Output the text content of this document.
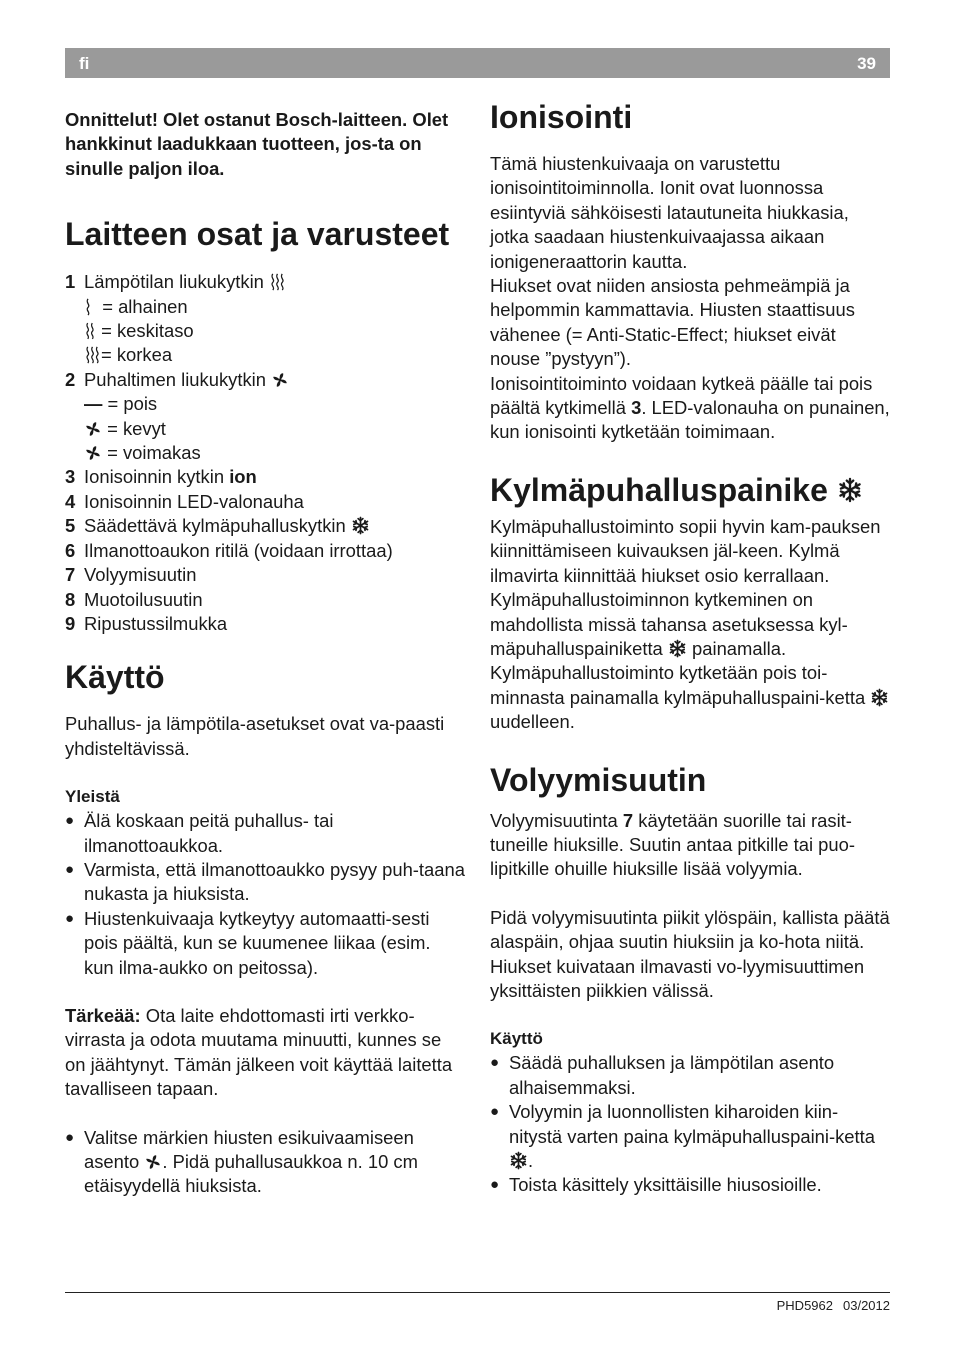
fi	39

Onnittelut! Olet ostanut Bosch-laitteen. Olet hankkinut laadukkaan tuotteen, jos-ta on sinulle paljon iloa.

Laitteen osat ja varusteet
1 Lämpötilan liukukytkin
= alhainen
= keskitaso
= korkea
2 Puhaltimen liukukytkin
— = pois
= kevyt
= voimakas
3 Ionisoinnin kytkin ion
4 Ionisoinnin LED-valonauha
5 Säädettävä kylmäpuhalluskytkin
6 Ilmanottoaukon ritilä (voidaan irrottaa)
7 Volyymisuutin
8 Muotoilusuutin
9 Ripustussilmukka
Käyttö

Puhallus- ja lämpötila-asetukset ovat va-paasti yhdisteltävissä.

Yleistä
● Älä koskaan peitä puhallus- tai ilmanottoaukkoa.
● Varmista, että ilmanottoaukko pysyy puh-taana nukasta ja hiuksista.
● Hiustenkuivaaja kytkeytyy automaatti-sesti pois päältä, kun se kuumenee liikaa (esim. kun ilma-aukko on peitossa).

Tärkeää: Ota laite ehdottomasti irti verkko-virrasta ja odota muutama minuutti, kunnes se on jäähtynyt. Tämän jälkeen voit käyttää laitetta tavalliseen tapaan.

● Valitse märkien hiusten esikuivaamiseen asento . Pidä puhallusaukkoa n. 10 cm etäisyydellä hiuksista.
Ionisointi

Tämä hiustenkuivaaja on varustettu ionisointitoiminnolla. Ionit ovat luonnossa esiintyviä sähköisesti latautuneita hiukkasia, jotka saadaan hiustenkuivaajassa aikaan ionigeneraattorin kautta.

Hiukset ovat niiden ansiosta pehmeämpiä ja helpommin kammattavia. Hiusten staattisuus vähenee (= Anti-Static-Effect; hiukset eivät nouse ”pystyyn”).

Ionisointitoiminto voidaan kytkeä päälle tai pois päältä kytkimellä 3. LED-valonauha on punainen, kun ionisointi kytketään toimimaan.

Kylmäpuhalluspainike

Kylmäpuhallustoiminto sopii hyvin kam-pauksen kiinnittämiseen kuivauksen jäl-keen. Kylmä ilmavirta kiinnittää hiukset osio kerrallaan.

Kylmäpuhallustoiminnon kytkeminen on mahdollista missä tahansa asetuksessa kyl-mäpuhalluspainiketta painamalla.

Kylmäpuhallustoiminto kytketään pois toi-minnasta painamalla kylmäpuhalluspaini-ketta
uudelleen.

Volyymisuutin

Volyymisuutinta 7 käytetään suorille tai rasit-tuneille hiuksille. Suutin antaa pitkille tai puo-lipitkille ohuille hiuksille lisää volyymia.

Pidä volyymisuutinta piikit ylöspäin, kallista päätä alaspäin, ohjaa suutin hiuksiin ja ko-hota niitä. Hiukset kuivataan ilmavasti vo-lyymisuuttimen yksittäisten piikkien välissä.

Käyttö
● Säädä puhalluksen ja lämpötilan asento alhaisemmaksi.
● Volyymin ja luonnollisten kiharoiden kiin-nitystä varten paina kylmäpuhalluspaini-ketta
.
● Toista käsittely yksittäisille hiusosioille.
PHD5962 03/2012
